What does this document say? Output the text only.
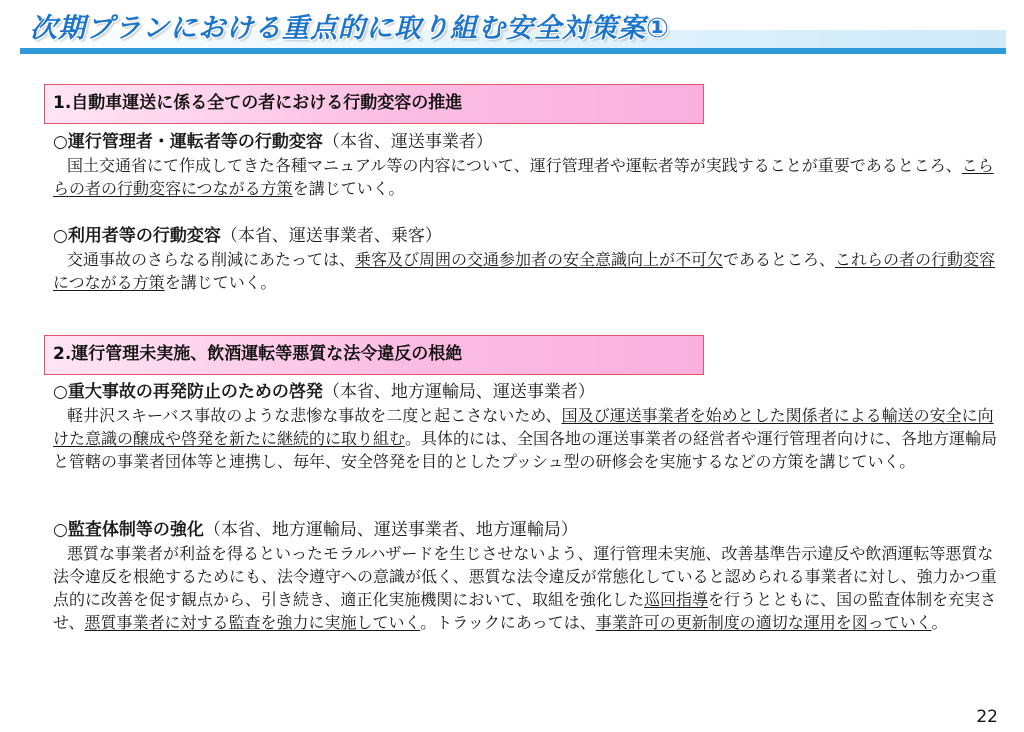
次期プランにおける重点的に取り組む安全対策案①
1.自動車運送に係る全ての者における行動変容の推進
○運行管理者・運転者等の行動変容（本省、運送事業者）

国土交通省にて作成してきた各種マニュアル等の内容について、運行管理者や運転者等が実践することが重要であるところ、こららの者の行動変容につながる方策を講じていく。

○利用者等の行動変容（本省、運送事業者、乗客）

交通事故のさらなる削減にあたっては、乗客及び周囲の交通参加者の安全意識向上が不可欠であるところ、これらの者の行動変容につながる方策を講じていく。

2.運行管理未実施、飲酒運転等悪質な法令違反の根絶
○重大事故の再発防止のための啓発（本省、地方運輸局、運送事業者）

軽井沢スキーバス事故のような悲惨な事故を二度と起こさないため、国及び運送事業者を始めとした関係者による輸送の安全に向けた意識の醸成や啓発を新たに継続的に取り組む。具体的には、全国各地の運送事業者の経営者や運行管理者向けに、各地方運輸局と管轄の事業者団体等と連携し、毎年、安全啓発を目的としたプッシュ型の研修会を実施するなどの方策を講じていく。

○監査体制等の強化（本省、地方運輸局、運送事業者、地方運輸局）

悪質な事業者が利益を得るといったモラルハザードを生じさせないよう、運行管理未実施、改善基準告示違反や飲酒運転等悪質な法令違反を根絶するためにも、法令遵守への意識が低く、悪質な法令違反が常態化していると認められる事業者に対し、強力かつ重点的に改善を促す観点から、引き続き、適正化実施機関において、取組を強化した巡回指導を行うとともに、国の監査体制を充実させ、悪質事業者に対する監査を強力に実施していく。トラックにあっては、事業許可の更新制度の適切な運用を図っていく。

22
